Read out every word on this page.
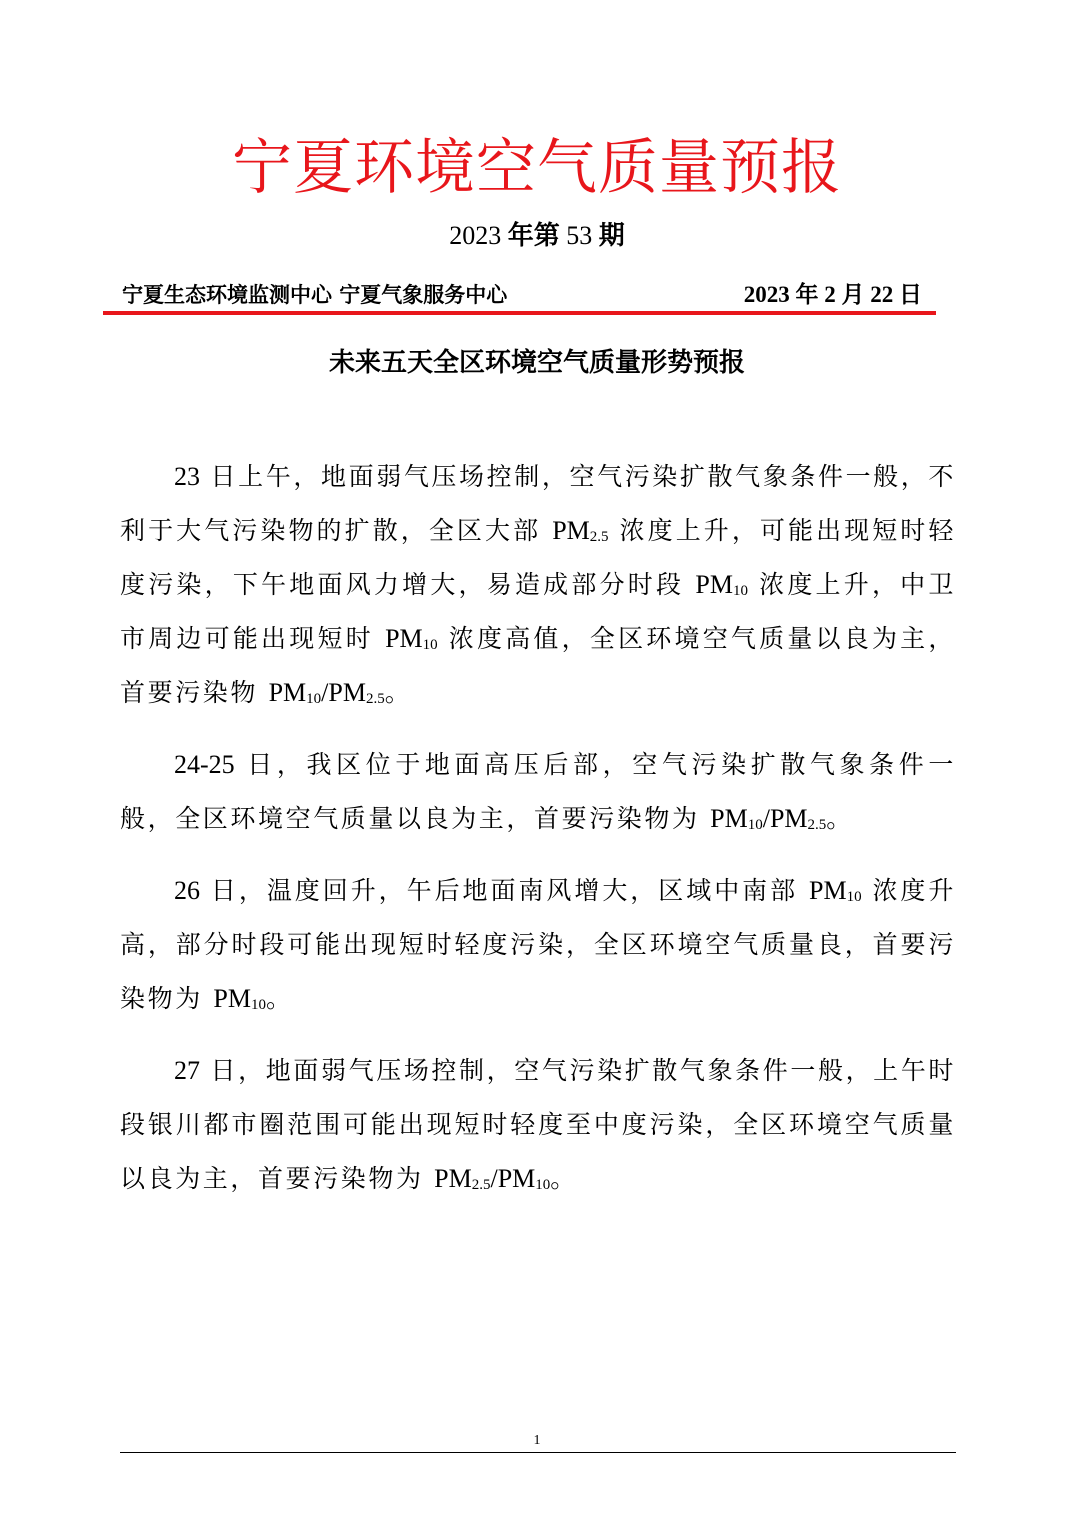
宁夏环境空气质量预报
2023 年第 53 期
宁夏生态环境监测中心 宁夏气象服务中心	2023 年 2 月 22 日
未来五天全区环境空气质量形势预报

23 日上午，地面弱气压场控制，空气污染扩散气象条件一般，不利于大气污染物的扩散，全区大部 $PM_{2.5}$ 浓度上升，可能出现短时轻度污染，下午地面风力增大，易造成部分时段 $PM_{10}$ 浓度上升，中卫市周边可能出现短时 $PM_{10}$ 浓度高值，全区环境空气质量以良为主，首要污染物 $PM_{10}/PM_{2.5}$。

24-25 日，我区位于地面高压后部，空气污染扩散气象条件一般，全区环境空气质量以良为主，首要污染物为 $PM_{10}/PM_{2.5}$。

26 日，温度回升，午后地面南风增大，区域中南部 $PM_{10}$ 浓度升高，部分时段可能出现短时轻度污染，全区环境空气质量良，首要污染物为 $PM_{10}$。

27 日，地面弱气压场控制，空气污染扩散气象条件一般，上午时段银川都市圈范围可能出现短时轻度至中度污染，全区环境空气质量以良为主，首要污染物为 $PM_{2.5}/PM_{10}$。

1
